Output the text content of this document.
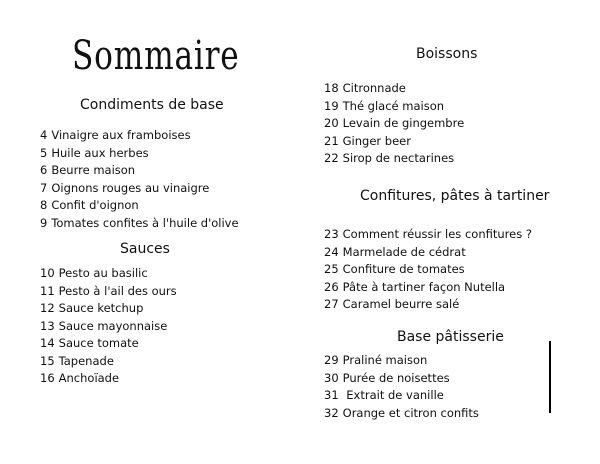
Sommaire
Condiments de base
4 Vinaigre aux framboises
5 Huile aux herbes
6 Beurre maison
7 Oignons rouges au vinaigre
8 Confit d'oignon
9 Tomates confites à l'huile d'olive
Sauces
10 Pesto au basilic
11 Pesto à l'ail des ours
12 Sauce ketchup
13 Sauce mayonnaise
14 Sauce tomate
15 Tapenade
16 Anchoïade
Boissons
18 Citronnade
19 Thé glacé maison
20 Levain de gingembre
21 Ginger beer
22 Sirop de nectarines
Confitures, pâtes à tartiner
23 Comment réussir les confitures ?
24 Marmelade de cédrat
25 Confiture de tomates
26 Pâte à tartiner façon Nutella
27 Caramel beurre salé
Base pâtisserie
29 Praliné maison
30 Purée de noisettes
31 Extrait de vanille
32 Orange et citron confits
